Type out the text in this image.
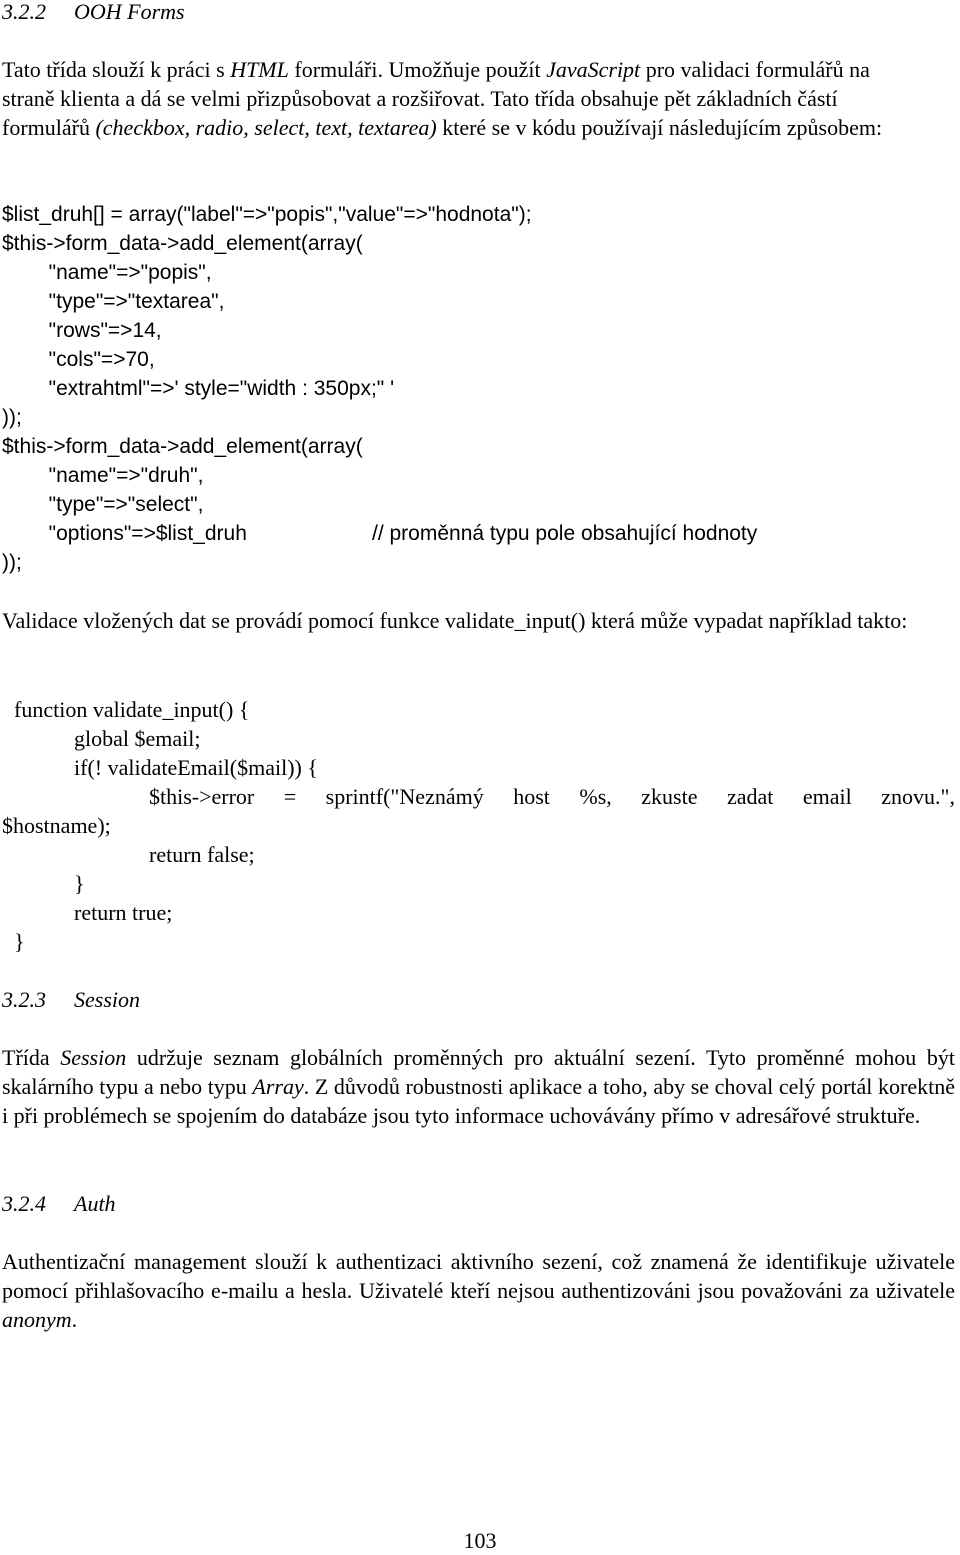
3.2.2 OOH Forms

Tato třída slouží k práci s HTML formuláři. Umožňuje použít JavaScript pro validaci formulářů na straně klienta a dá se velmi přizpůsobovat a rozšiřovat. Tato třída obsahuje pět základních částí formulářů (checkbox, radio, select, text, textarea) které se v kódu používají následujícím způsobem:

$list_druh[] = array("label"=>"popis","value"=>"hodnota");
$this->form_data->add_element(array(
"name"=>"popis",
"type"=>"textarea",
"rows"=>14,
"cols"=>70,
"extrahtml"=>' style="width : 350px;" '
));
$this->form_data->add_element(array(
"name"=>"druh",
"type"=>"select",
"options"=>$list_druh	// proměnná typu pole obsahující hodnoty
));

Validace vložených dat se provádí pomocí funkce validate_input() která může vypadat například takto:

function validate_input() {
global $email;
if(! validateEmail($mail)) {
$this->error = sprintf("Neznámý host %s, zkuste zadat email znovu.",
$hostname);
return false;
}
return true;
}
3.2.3 Session

Třída Session udržuje seznam globálních proměnných pro aktuální sezení. Tyto proměnné mohou být skalárního typu a nebo typu Array. Z důvodů robustnosti aplikace a toho, aby se choval celý portál korektně i při problémech se spojením do databáze jsou tyto informace uchovávány přímo v adresářové struktuře.

3.2.4 Auth

Authentizační management slouží k authentizaci aktivního sezení, což znamená že identifikuje uživatele pomocí přihlašovacího e-mailu a hesla. Uživatelé kteří nejsou authentizováni jsou považováni za uživatele anonym.

103
